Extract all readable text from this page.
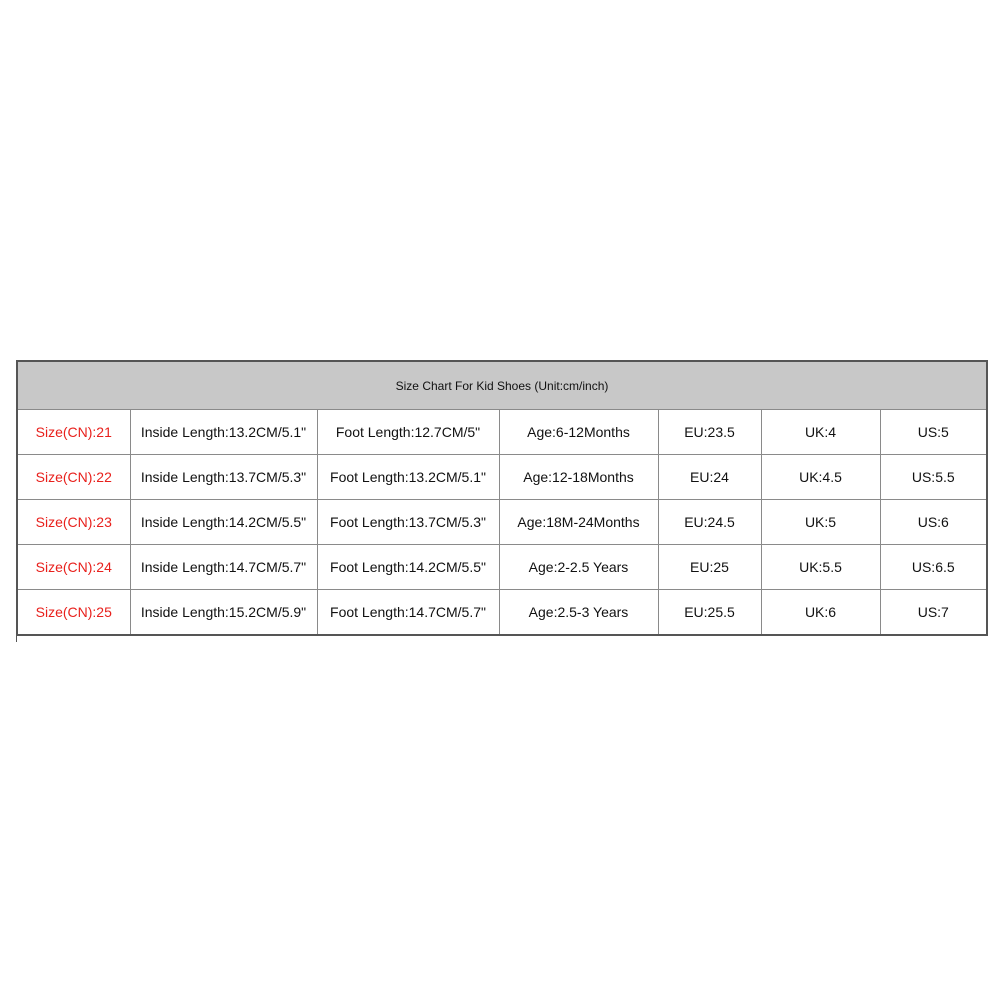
Size Chart For Kid Shoes (Unit:cm/inch)						
Size(CN):21	Inside Length:13.2CM/5.1"	Foot Length:12.7CM/5"	Age:6-12Months	EU:23.5	UK:4	US:5
Size(CN):22	Inside Length:13.7CM/5.3"	Foot Length:13.2CM/5.1"	Age:12-18Months	EU:24	UK:4.5	US:5.5
Size(CN):23	Inside Length:14.2CM/5.5"	Foot Length:13.7CM/5.3"	Age:18M-24Months	EU:24.5	UK:5	US:6
Size(CN):24	Inside Length:14.7CM/5.7"	Foot Length:14.2CM/5.5"	Age:2-2.5 Years	EU:25	UK:5.5	US:6.5
Size(CN):25	Inside Length:15.2CM/5.9"	Foot Length:14.7CM/5.7"	Age:2.5-3 Years	EU:25.5	UK:6	US:7
